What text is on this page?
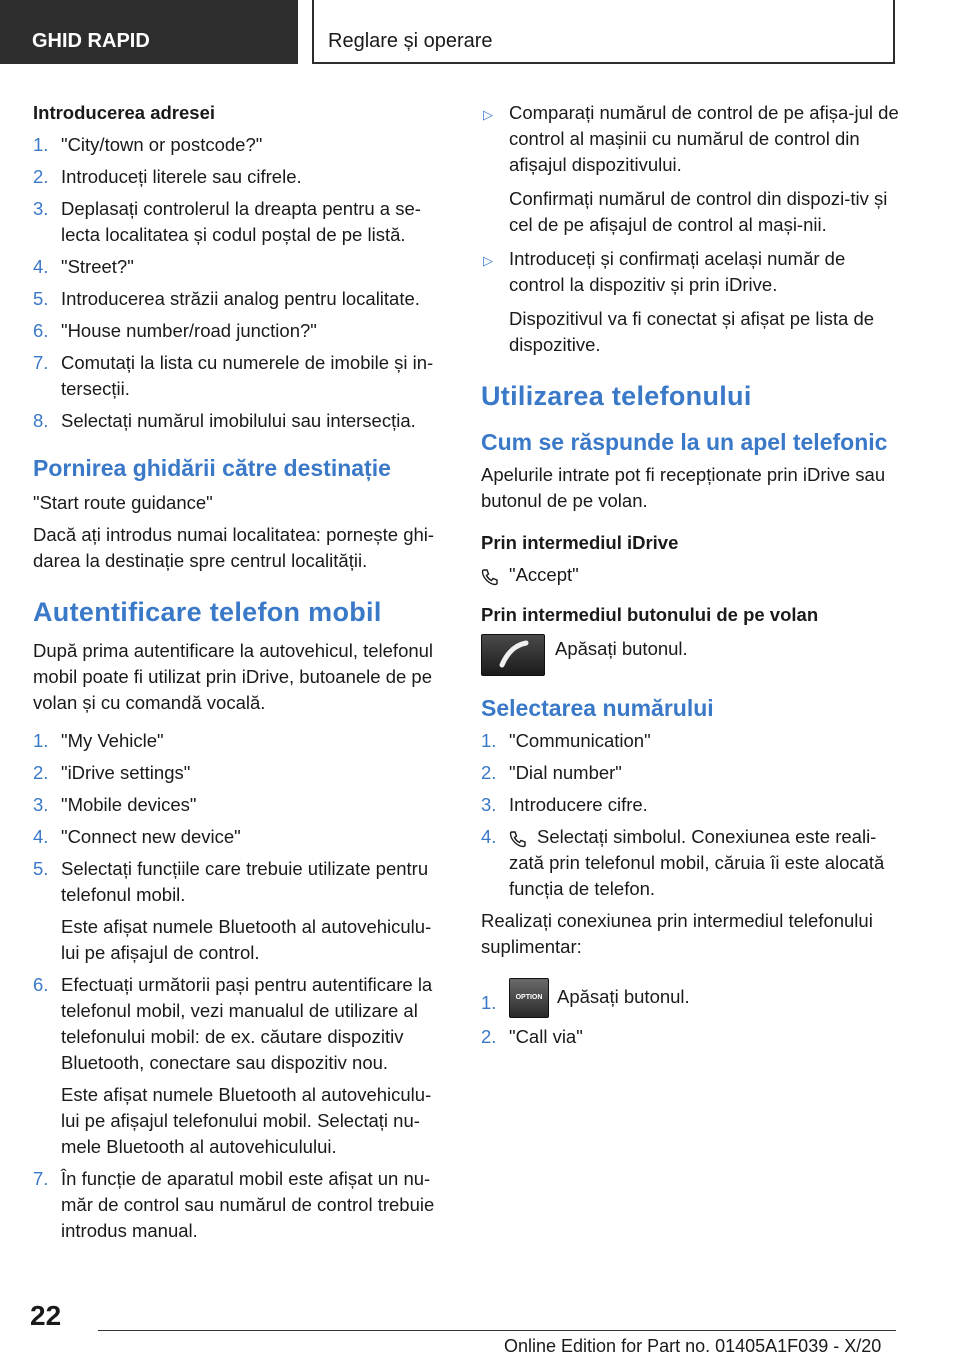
GHID RAPID	Reglare și operare
Introducerea adresei
1. "City/town or postcode?"
2. Introduceți literele sau cifrele.
3. Deplasați controlerul la dreapta pentru a se-lecta localitatea și codul poștal de pe listă.
4. "Street?"
5. Introducerea străzii analog pentru localitate.
6. "House number/road junction?"
7. Comutați la lista cu numerele de imobile și in-tersecții.
8. Selectați numărul imobilului sau intersecția.
Pornirea ghidării către destinație

"Start route guidance"

Dacă ați introdus numai localitatea: pornește ghi-darea la destinație spre centrul localității.

Autentificare telefon mobil

După prima autentificare la autovehicul, telefonul mobil poate fi utilizat prin iDrive, butoanele de pe volan și cu comandă vocală.

1. "My Vehicle"
2. "iDrive settings"
3. "Mobile devices"
4. "Connect new device"
5. Selectați funcțiile care trebuie utilizate pentru telefonul mobil.
Este afișat numele Bluetooth al autovehiculu-lui pe afișajul de control.
6. Efectuați următorii pași pentru autentificare la telefonul mobil, vezi manualul de utilizare al telefonului mobil: de ex. căutare dispozitiv Bluetooth, conectare sau dispozitiv nou.
Este afișat numele Bluetooth al autovehiculu-lui pe afișajul telefonului mobil. Selectați nu-mele Bluetooth al autovehiculului.
7. În funcție de aparatul mobil este afișat un nu-măr de control sau numărul de control trebuie introdus manual.
▷ Comparați numărul de control de pe afișa-jul de control al mașinii cu numărul de control din afișajul dispozitivului.
Confirmați numărul de control din dispozi-tiv și cel de pe afișajul de control al mași-nii.
▷ Introduceți și confirmați același număr de control la dispozitiv și prin iDrive.

Dispozitivul va fi conectat și afișat pe lista de dispozitive.

Utilizarea telefonului
Cum se răspunde la un apel telefonic

Apelurile intrate pot fi recepționate prin iDrive sau butonul de pe volan.

Prin intermediul iDrive

"Accept"

Prin intermediul butonului de pe volan
Apăsați butonul.
Selectarea numărului
1. "Communication"
2. "Dial number"
3. Introducere cifre.
4. Selectați simbolul. Conexiunea este reali-zată prin telefonul mobil, căruia îi este alocată funcția de telefon.

Realizați conexiunea prin intermediul telefonului suplimentar:

1.	OPTION Apăsați butonul.
2. "Call via"
22
Online Edition for Part no. 01405A1F039 - X/20
